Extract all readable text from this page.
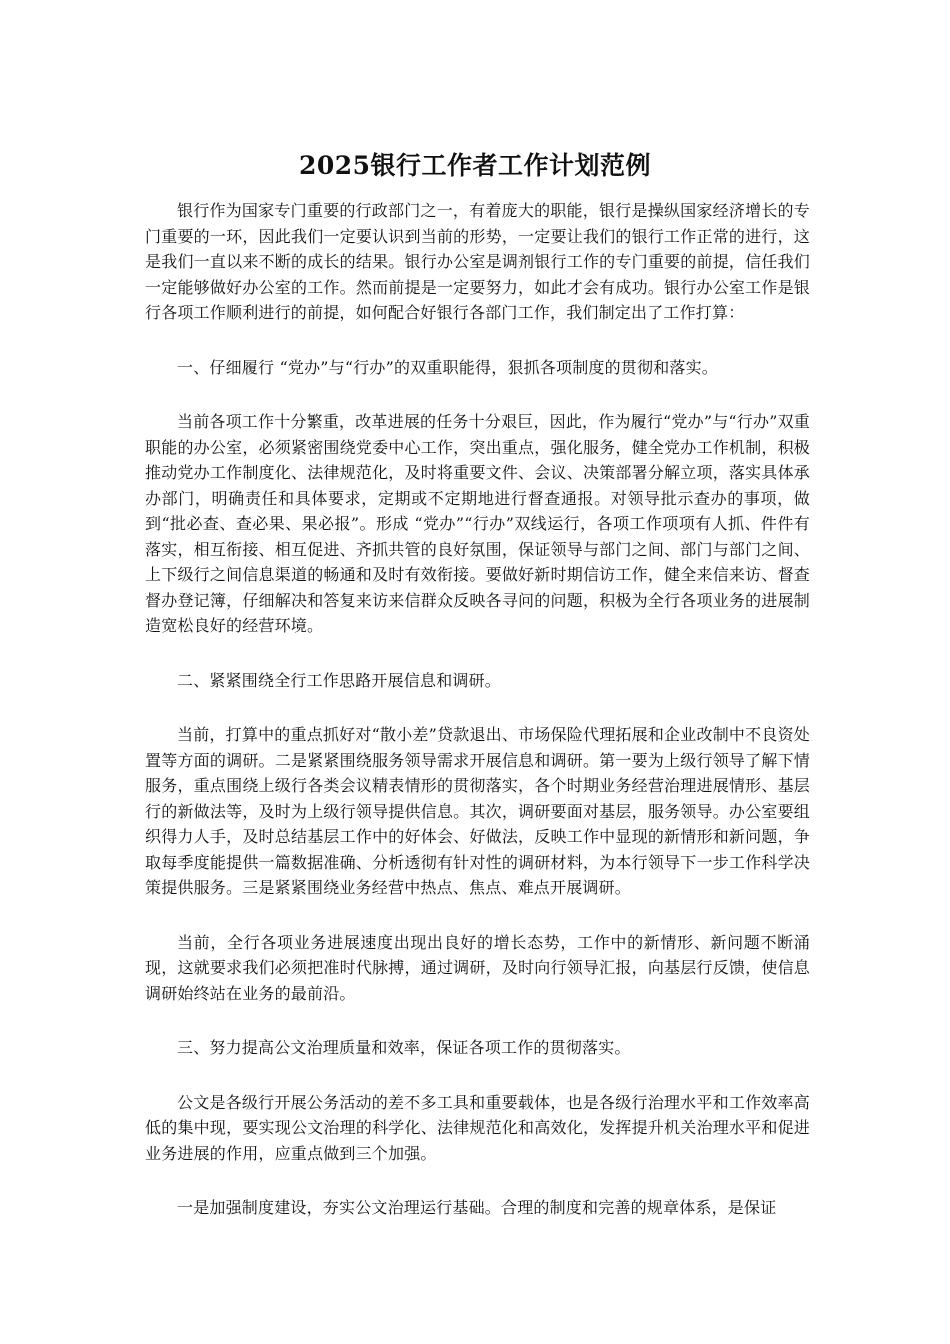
2025银行工作者工作计划范例

银行作为国家专门重要的行政部门之一，有着庞大的职能，银行是操纵国家经济增长的专门重要的一环，因此我们一定要认识到当前的形势，一定要让我们的银行工作正常的进行，这是我们一直以来不断的成长的结果。银行办公室是调剂银行工作的专门重要的前提，信任我们一定能够做好办公室的工作。然而前提是一定要努力，如此才会有成功。银行办公室工作是银行各项工作顺利进行的前提，如何配合好银行各部门工作，我们制定出了工作打算：

一、仔细履行 “党办”与“行办”的双重职能得，狠抓各项制度的贯彻和落实。

当前各项工作十分繁重，改革进展的任务十分艰巨，因此，作为履行“党办”与“行办”双重职能的办公室，必须紧密围绕党委中心工作，突出重点，强化服务，健全党办工作机制，积极推动党办工作制度化、法律规范化，及时将重要文件、会议、决策部署分解立项，落实具体承办部门，明确责任和具体要求，定期或不定期地进行督查通报。对领导批示查办的事项，做到“批必查、查必果、果必报”。形成 “党办”“行办”双线运行，各项工作项项有人抓、件件有落实，相互衔接、相互促进、齐抓共管的良好氛围，保证领导与部门之间、部门与部门之间、上下级行之间信息渠道的畅通和及时有效衔接。要做好新时期信访工作，健全来信来访、督查督办登记簿，仔细解决和答复来访来信群众反映各寻问的问题，积极为全行各项业务的进展制造宽松良好的经营环境。

二、紧紧围绕全行工作思路开展信息和调研。

当前，打算中的重点抓好对“散小差”贷款退出、市场保险代理拓展和企业改制中不良资处置等方面的调研。二是紧紧围绕服务领导需求开展信息和调研。第一要为上级行领导了解下情服务，重点围绕上级行各类会议精表情形的贯彻落实，各个时期业务经营治理进展情形、基层行的新做法等，及时为上级行领导提供信息。其次，调研要面对基层，服务领导。办公室要组织得力人手，及时总结基层工作中的好体会、好做法，反映工作中显现的新情形和新问题，争取每季度能提供一篇数据准确、分析透彻有针对性的调研材料，为本行领导下一步工作科学决策提供服务。三是紧紧围绕业务经营中热点、焦点、难点开展调研。

当前，全行各项业务进展速度出现出良好的增长态势，工作中的新情形、新问题不断涌现，这就要求我们必须把准时代脉搏，通过调研，及时向行领导汇报，向基层行反馈，使信息调研始终站在业务的最前沿。

三、努力提高公文治理质量和效率，保证各项工作的贯彻落实。

公文是各级行开展公务活动的差不多工具和重要载体，也是各级行治理水平和工作效率高低的集中现，要实现公文治理的科学化、法律规范化和高效化，发挥提升机关治理水平和促进业务进展的作用，应重点做到三个加强。

一是加强制度建设，夯实公文治理运行基础。合理的制度和完善的规章体系，是保证
